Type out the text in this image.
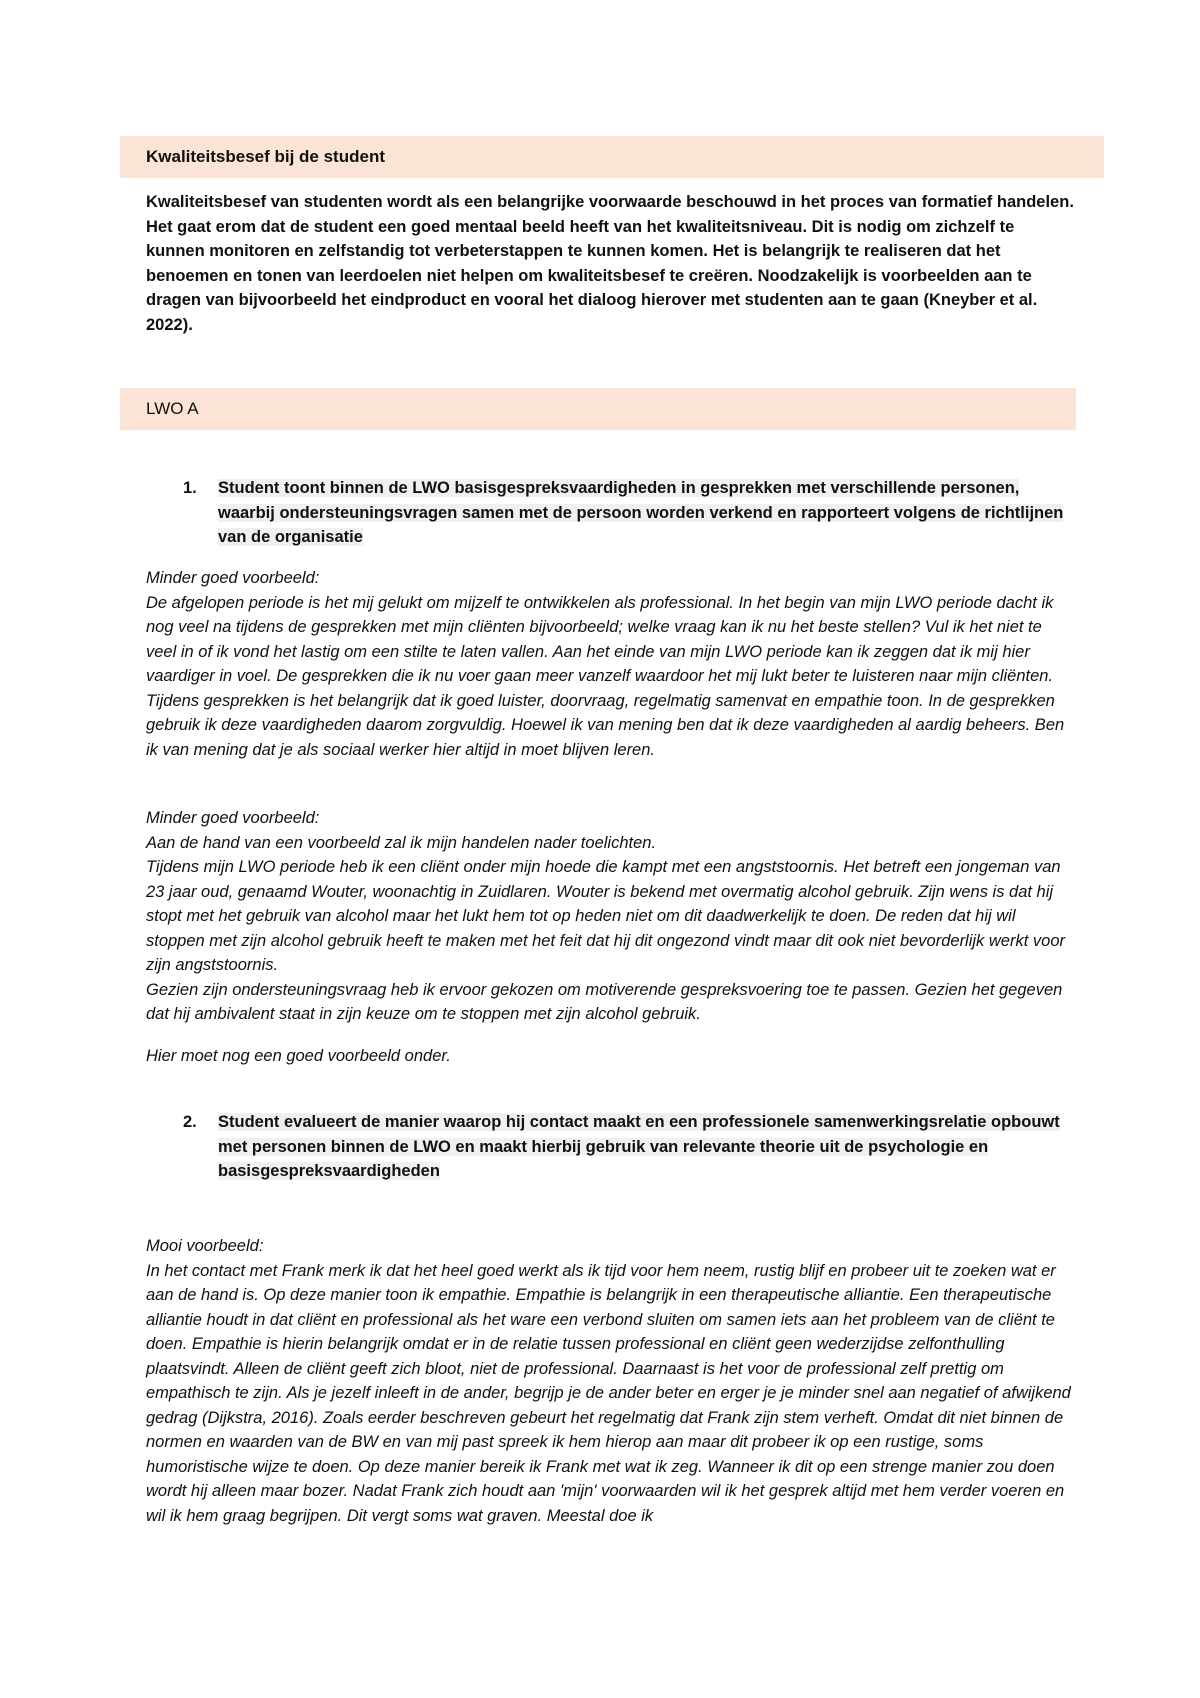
Kwaliteitsbesef bij de student

Kwaliteitsbesef van studenten wordt als een belangrijke voorwaarde beschouwd in het proces van formatief handelen. Het gaat erom dat de student een goed mentaal beeld heeft van het kwaliteitsniveau. Dit is nodig om zichzelf te kunnen monitoren en zelfstandig tot verbeterstappen te kunnen komen. Het is belangrijk te realiseren dat het benoemen en tonen van leerdoelen niet helpen om kwaliteitsbesef te creëren. Noodzakelijk is voorbeelden aan te dragen van bijvoorbeeld het eindproduct en vooral het dialoog hierover met studenten aan te gaan (Kneyber et al. 2022).

LWO A
1. Student toont binnen de LWO basisgespreksvaardigheden in gesprekken met verschillende personen, waarbij ondersteuningsvragen samen met de persoon worden verkend en rapporteert volgens de richtlijnen van de organisatie

Minder goed voorbeeld:

De afgelopen periode is het mij gelukt om mijzelf te ontwikkelen als professional. In het begin van mijn LWO periode dacht ik nog veel na tijdens de gesprekken met mijn cliënten bijvoorbeeld; welke vraag kan ik nu het beste stellen? Vul ik het niet te veel in of ik vond het lastig om een stilte te laten vallen. Aan het einde van mijn LWO periode kan ik zeggen dat ik mij hier vaardiger in voel. De gesprekken die ik nu voer gaan meer vanzelf waardoor het mij lukt beter te luisteren naar mijn cliënten. Tijdens gesprekken is het belangrijk dat ik goed luister, doorvraag, regelmatig samenvat en empathie toon. In de gesprekken gebruik ik deze vaardigheden daarom zorgvuldig. Hoewel ik van mening ben dat ik deze vaardigheden al aardig beheers. Ben ik van mening dat je als sociaal werker hier altijd in moet blijven leren.

Minder goed voorbeeld:

Aan de hand van een voorbeeld zal ik mijn handelen nader toelichten.

Tijdens mijn LWO periode heb ik een cliënt onder mijn hoede die kampt met een angststoornis. Het betreft een jongeman van 23 jaar oud, genaamd Wouter, woonachtig in Zuidlaren. Wouter is bekend met overmatig alcohol gebruik. Zijn wens is dat hij stopt met het gebruik van alcohol maar het lukt hem tot op heden niet om dit daadwerkelijk te doen. De reden dat hij wil stoppen met zijn alcohol gebruik heeft te maken met het feit dat hij dit ongezond vindt maar dit ook niet bevorderlijk werkt voor zijn angststoornis.

Gezien zijn ondersteuningsvraag heb ik ervoor gekozen om motiverende gespreksvoering toe te passen. Gezien het gegeven dat hij ambivalent staat in zijn keuze om te stoppen met zijn alcohol gebruik.

Hier moet nog een goed voorbeeld onder.

2. Student evalueert de manier waarop hij contact maakt en een professionele samenwerkingsrelatie opbouwt met personen binnen de LWO en maakt hierbij gebruik van relevante theorie uit de psychologie en basisgespreksvaardigheden

Mooi voorbeeld:

In het contact met Frank merk ik dat het heel goed werkt als ik tijd voor hem neem, rustig blijf en probeer uit te zoeken wat er aan de hand is. Op deze manier toon ik empathie. Empathie is belangrijk in een therapeutische alliantie. Een therapeutische alliantie houdt in dat cliënt en professional als het ware een verbond sluiten om samen iets aan het probleem van de cliënt te doen. Empathie is hierin belangrijk omdat er in de relatie tussen professional en cliënt geen wederzijdse zelfonthulling plaatsvindt. Alleen de cliënt geeft zich bloot, niet de professional. Daarnaast is het voor de professional zelf prettig om empathisch te zijn. Als je jezelf inleeft in de ander, begrijp je de ander beter en erger je je minder snel aan negatief of afwijkend gedrag (Dijkstra, 2016). Zoals eerder beschreven gebeurt het regelmatig dat Frank zijn stem verheft. Omdat dit niet binnen de normen en waarden van de BW en van mij past spreek ik hem hierop aan maar dit probeer ik op een rustige, soms humoristische wijze te doen. Op deze manier bereik ik Frank met wat ik zeg. Wanneer ik dit op een strenge manier zou doen wordt hij alleen maar bozer. Nadat Frank zich houdt aan 'mijn' voorwaarden wil ik het gesprek altijd met hem verder voeren en wil ik hem graag begrijpen. Dit vergt soms wat graven. Meestal doe ik
